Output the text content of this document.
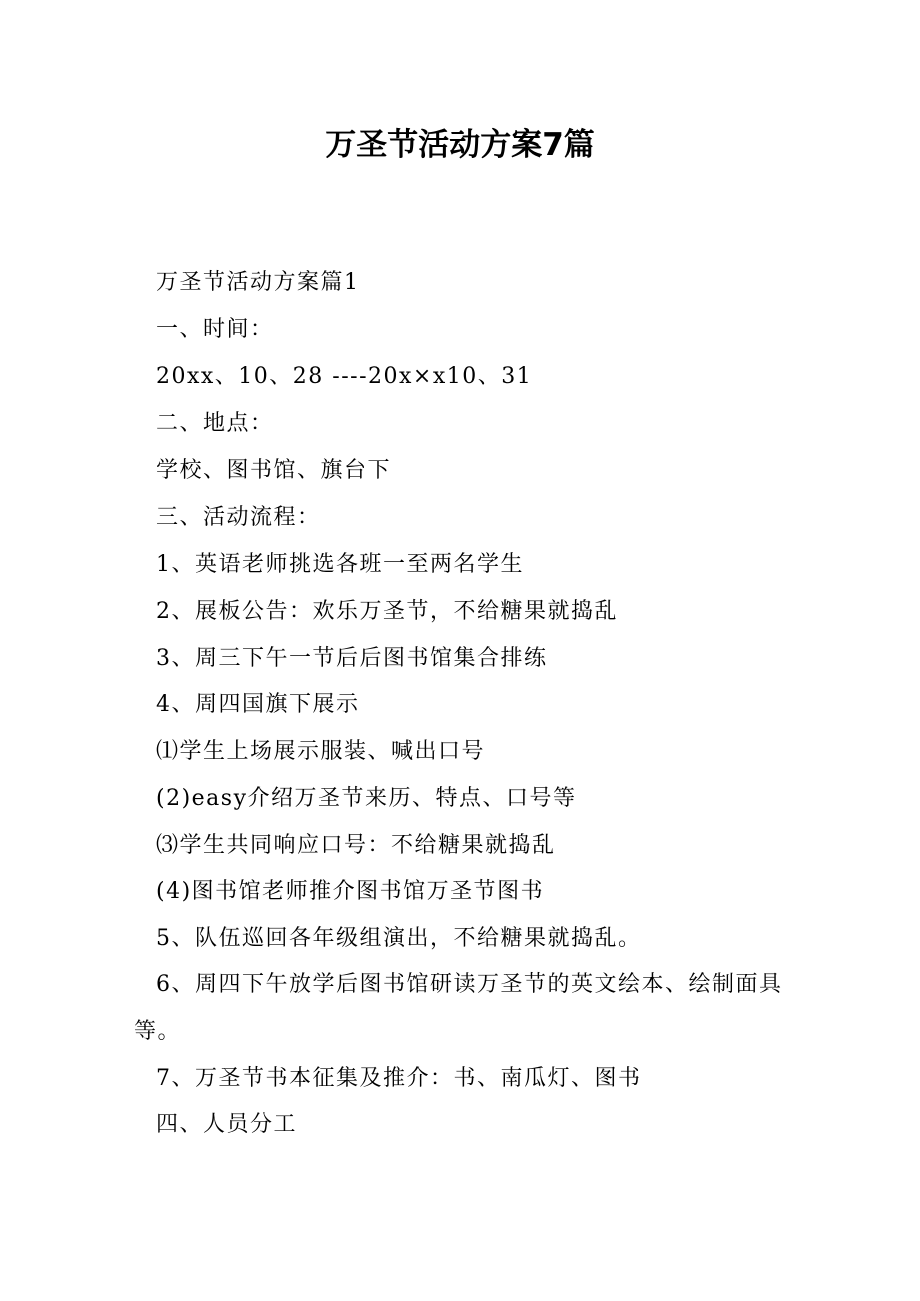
万圣节活动方案7篇
万圣节活动方案篇1
一、时间：
20xx、10、28 ----20x×x10、31
二、地点：
学校、图书馆、旗台下
三、活动流程：
1、英语老师挑选各班一至两名学生
2、展板公告：欢乐万圣节，不给糖果就捣乱
3、周三下午一节后后图书馆集合排练
4、周四国旗下展示
⑴学生上场展示服装、喊出口号
(2)easy介绍万圣节来历、特点、口号等
⑶学生共同响应口号：不给糖果就捣乱
(4)图书馆老师推介图书馆万圣节图书
5、队伍巡回各年级组演出，不给糖果就捣乱。
6、周四下午放学后图书馆研读万圣节的英文绘本、绘制面具
等。
7、万圣节书本征集及推介：书、南瓜灯、图书
四、人员分工
